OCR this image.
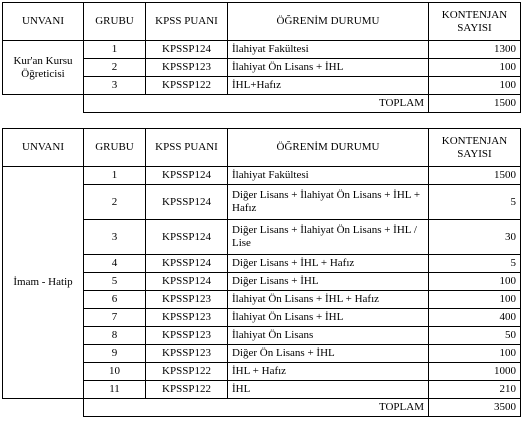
UNVANI	GRUBU	KPSS PUANI	ÖĞRENİM DURUMU	KONTENJAN SAYISI
Kur'an Kursu Öğreticisi	1	KPSSP124	İlahiyat Fakültesi	1300
	2	KPSSP123	İlahiyat Ön Lisans + İHL	100
	3	KPSSP122	İHL+Hafız	100
	TOPLAM			1500
UNVANI	GRUBU	KPSS PUANI	ÖĞRENİM DURUMU	KONTENJAN SAYISI
İmam - Hatip	1	KPSSP124	İlahiyat Fakültesi	1500
	2	KPSSP124	Diğer Lisans + İlahiyat Ön Lisans + İHL + Hafız	5
	3	KPSSP124	Diğer Lisans + İlahiyat Ön Lisans + İHL / Lise	30
	4	KPSSP124	Diğer Lisans + İHL + Hafız	5
	5	KPSSP124	Diğer Lisans + İHL	100
	6	KPSSP123	İlahiyat Ön Lisans + İHL + Hafız	100
	7	KPSSP123	İlahiyat Ön Lisans + İHL	400
	8	KPSSP123	İlahiyat Ön Lisans	50
	9	KPSSP123	Diğer Ön Lisans + İHL	100
	10	KPSSP122	İHL + Hafız	1000
	11	KPSSP122	İHL	210
	TOPLAM			3500
